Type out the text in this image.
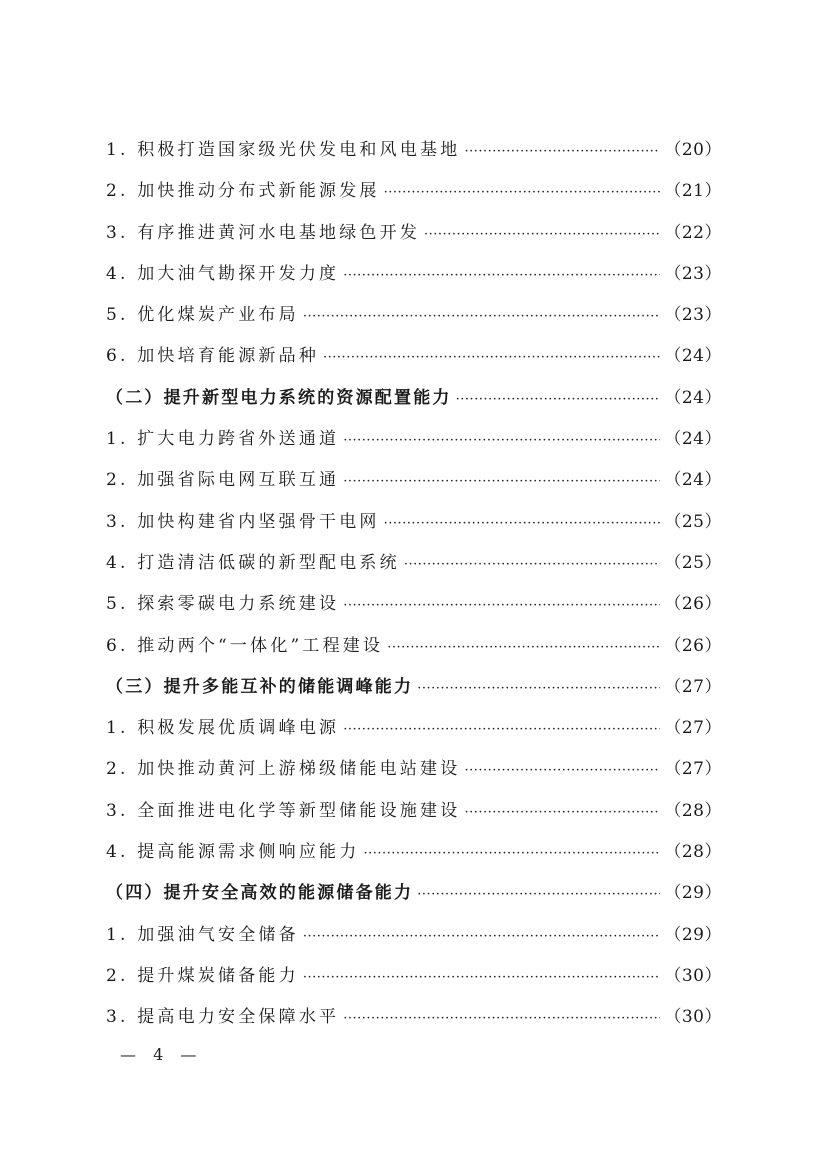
1. 积极打造国家级光伏发电和风电基地 ·····	（20）
2. 加快推动分布式新能源发展 ·····	（21）
3. 有序推进黄河水电基地绿色开发 ·····	（22）
4. 加大油气勘探开发力度 ·····	（23）
5. 优化煤炭产业布局 ·····	（23）
6. 加快培育能源新品种 ·····	（24）
（二）提升新型电力系统的资源配置能力 ·····	（24）
1. 扩大电力跨省外送通道 ·····	（24）
2. 加强省际电网互联互通 ·····	（24）
3. 加快构建省内坚强骨干电网 ·····	（25）
4. 打造清洁低碳的新型配电系统 ·····	（25）
5. 探索零碳电力系统建设 ·····	（26）
6. 推动两个“一体化”工程建设 ·····	（26）
（三）提升多能互补的储能调峰能力 ·····	（27）
1. 积极发展优质调峰电源 ·····	（27）
2. 加快推动黄河上游梯级储能电站建设 ·····	（27）
3. 全面推进电化学等新型储能设施建设 ·····	（28）
4. 提高能源需求侧响应能力 ·····	（28）
（四）提升安全高效的能源储备能力 ·····	（29）
1. 加强油气安全储备 ·····	（29）
2. 提升煤炭储备能力 ·····	（30）
3. 提高电力安全保障水平 ·····	（30）
— 4 —
